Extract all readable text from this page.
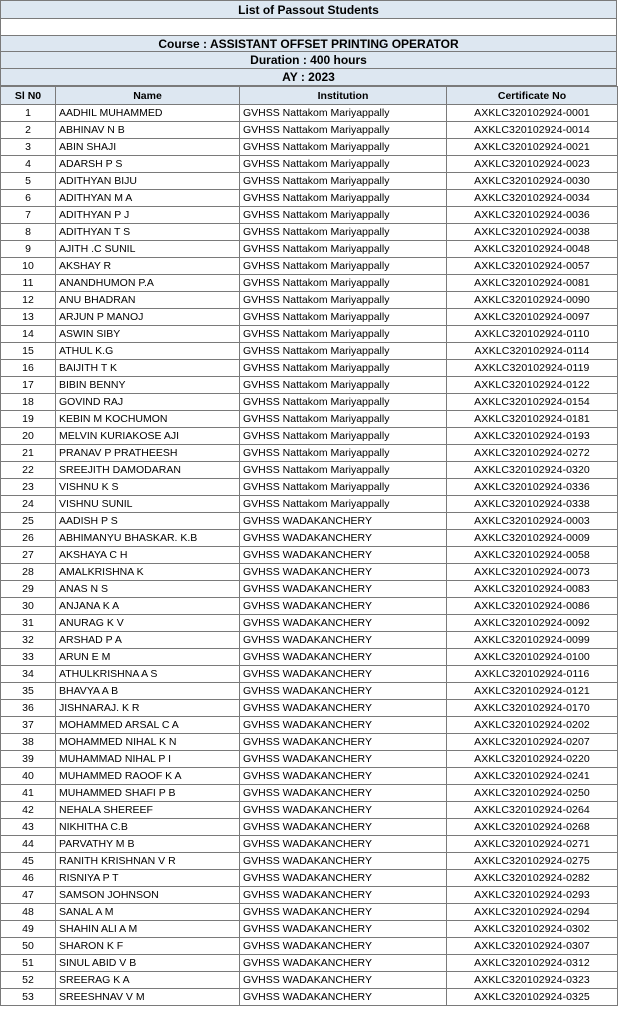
List of Passout Students
Course : ASSISTANT OFFSET PRINTING OPERATOR
Duration : 400 hours
AY : 2023
Sl N0	Name	Institution	Certificate No
1	AADHIL MUHAMMED	GVHSS Nattakom Mariyappally	AXKLC320102924-0001
2	ABHINAV N B	GVHSS Nattakom Mariyappally	AXKLC320102924-0014
3	ABIN SHAJI	GVHSS Nattakom Mariyappally	AXKLC320102924-0021
4	ADARSH P S	GVHSS Nattakom Mariyappally	AXKLC320102924-0023
5	ADITHYAN BIJU	GVHSS Nattakom Mariyappally	AXKLC320102924-0030
6	ADITHYAN M A	GVHSS Nattakom Mariyappally	AXKLC320102924-0034
7	ADITHYAN P J	GVHSS Nattakom Mariyappally	AXKLC320102924-0036
8	ADITHYAN T S	GVHSS Nattakom Mariyappally	AXKLC320102924-0038
9	AJITH .C SUNIL	GVHSS Nattakom Mariyappally	AXKLC320102924-0048
10	AKSHAY R	GVHSS Nattakom Mariyappally	AXKLC320102924-0057
11	ANANDHUMON P.A	GVHSS Nattakom Mariyappally	AXKLC320102924-0081
12	ANU BHADRAN	GVHSS Nattakom Mariyappally	AXKLC320102924-0090
13	ARJUN P MANOJ	GVHSS Nattakom Mariyappally	AXKLC320102924-0097
14	ASWIN SIBY	GVHSS Nattakom Mariyappally	AXKLC320102924-0110
15	ATHUL K.G	GVHSS Nattakom Mariyappally	AXKLC320102924-0114
16	BAIJITH T K	GVHSS Nattakom Mariyappally	AXKLC320102924-0119
17	BIBIN BENNY	GVHSS Nattakom Mariyappally	AXKLC320102924-0122
18	GOVIND RAJ	GVHSS Nattakom Mariyappally	AXKLC320102924-0154
19	KEBIN M KOCHUMON	GVHSS Nattakom Mariyappally	AXKLC320102924-0181
20	MELVIN KURIAKOSE AJI	GVHSS Nattakom Mariyappally	AXKLC320102924-0193
21	PRANAV P PRATHEESH	GVHSS Nattakom Mariyappally	AXKLC320102924-0272
22	SREEJITH DAMODARAN	GVHSS Nattakom Mariyappally	AXKLC320102924-0320
23	VISHNU K S	GVHSS Nattakom Mariyappally	AXKLC320102924-0336
24	VISHNU SUNIL	GVHSS Nattakom Mariyappally	AXKLC320102924-0338
25	AADISH P S	GVHSS WADAKANCHERY	AXKLC320102924-0003
26	ABHIMANYU BHASKAR. K.B	GVHSS WADAKANCHERY	AXKLC320102924-0009
27	AKSHAYA C H	GVHSS WADAKANCHERY	AXKLC320102924-0058
28	AMALKRISHNA K	GVHSS WADAKANCHERY	AXKLC320102924-0073
29	ANAS N S	GVHSS WADAKANCHERY	AXKLC320102924-0083
30	ANJANA K A	GVHSS WADAKANCHERY	AXKLC320102924-0086
31	ANURAG K V	GVHSS WADAKANCHERY	AXKLC320102924-0092
32	ARSHAD P A	GVHSS WADAKANCHERY	AXKLC320102924-0099
33	ARUN E M	GVHSS WADAKANCHERY	AXKLC320102924-0100
34	ATHULKRISHNA A S	GVHSS WADAKANCHERY	AXKLC320102924-0116
35	BHAVYA A B	GVHSS WADAKANCHERY	AXKLC320102924-0121
36	JISHNARAJ. K R	GVHSS WADAKANCHERY	AXKLC320102924-0170
37	MOHAMMED ARSAL C A	GVHSS WADAKANCHERY	AXKLC320102924-0202
38	MOHAMMED NIHAL K N	GVHSS WADAKANCHERY	AXKLC320102924-0207
39	MUHAMMAD NIHAL P I	GVHSS WADAKANCHERY	AXKLC320102924-0220
40	MUHAMMED RAOOF K A	GVHSS WADAKANCHERY	AXKLC320102924-0241
41	MUHAMMED SHAFI P B	GVHSS WADAKANCHERY	AXKLC320102924-0250
42	NEHALA SHEREEF	GVHSS WADAKANCHERY	AXKLC320102924-0264
43	NIKHITHA C.B	GVHSS WADAKANCHERY	AXKLC320102924-0268
44	PARVATHY M B	GVHSS WADAKANCHERY	AXKLC320102924-0271
45	RANITH KRISHNAN V R	GVHSS WADAKANCHERY	AXKLC320102924-0275
46	RISNIYA P T	GVHSS WADAKANCHERY	AXKLC320102924-0282
47	SAMSON JOHNSON	GVHSS WADAKANCHERY	AXKLC320102924-0293
48	SANAL A M	GVHSS WADAKANCHERY	AXKLC320102924-0294
49	SHAHIN ALI A M	GVHSS WADAKANCHERY	AXKLC320102924-0302
50	SHARON K F	GVHSS WADAKANCHERY	AXKLC320102924-0307
51	SINUL ABID V B	GVHSS WADAKANCHERY	AXKLC320102924-0312
52	SREERAG K A	GVHSS WADAKANCHERY	AXKLC320102924-0323
53	SREESHNAV V M	GVHSS WADAKANCHERY	AXKLC320102924-0325
